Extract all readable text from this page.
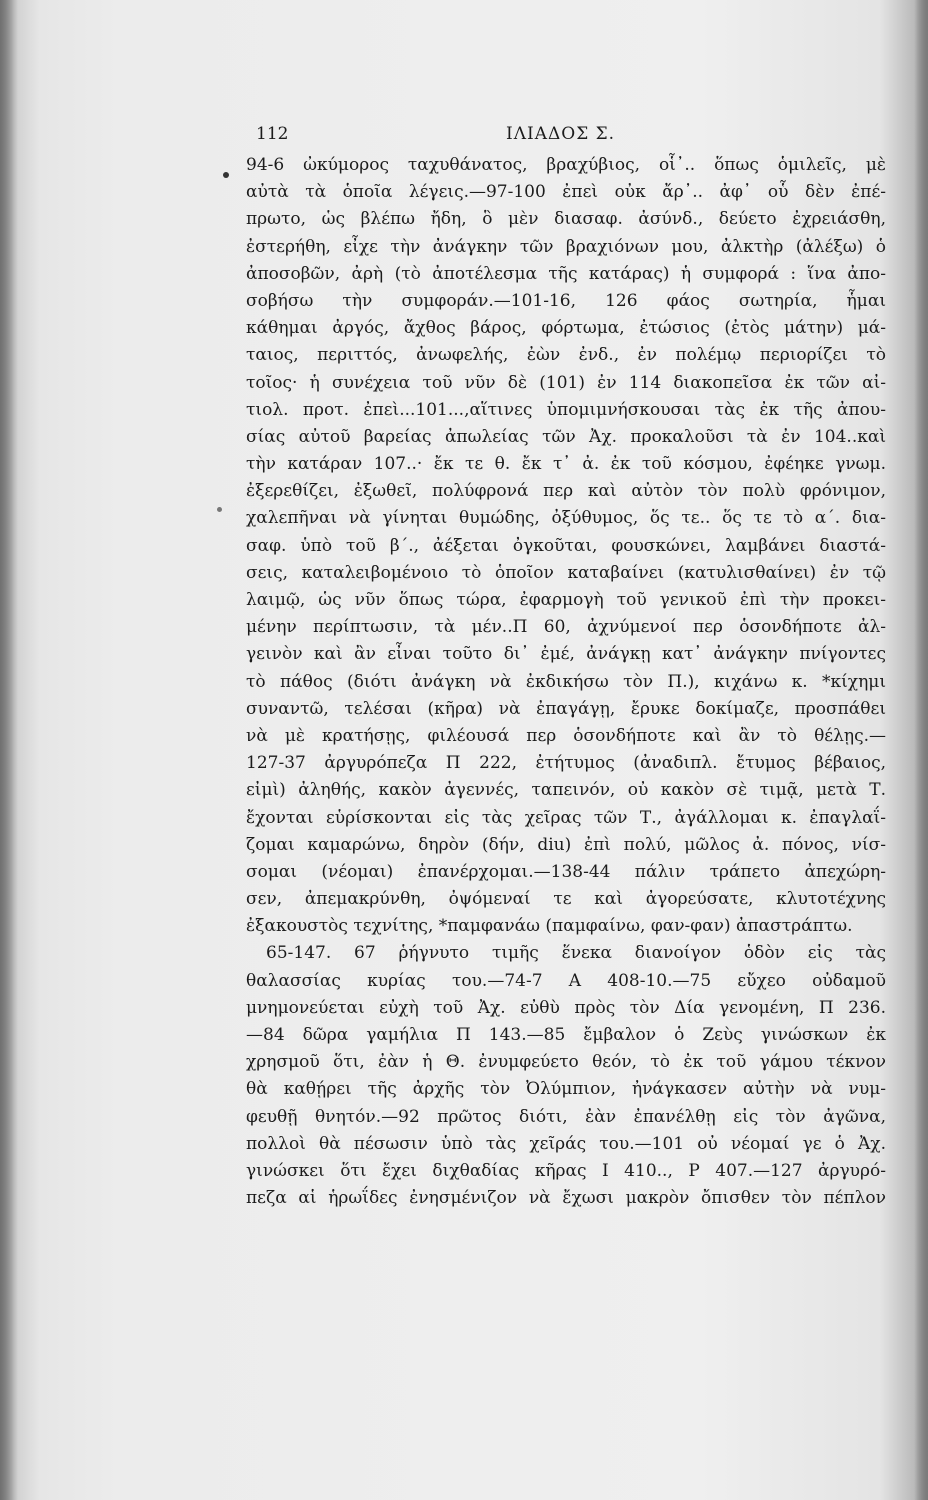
112	ΙΛΙΑΔΟΣ Σ.
94-6 ὠκύμορος ταχυθάνατος, βραχύβιος, οἷ᾽.. ὅπως ὁμιλεῖς, μὲ
αὐτὰ τὰ ὁποῖα λέγεις.—97-100 ἐπεὶ οὐκ ἄρ᾽.. ἀφ᾽ οὗ δὲν ἐπέ-
πρωτο, ὡς βλέπω ἤδη, ὃ μὲν διασαφ. ἀσύνδ., δεύετο ἐχρειάσθη,
ἐστερήθη, εἶχε τὴν ἀνάγκην τῶν βραχιόνων μου, ἀλκτὴρ (ἀλέξω) ὁ
ἀποσοβῶν, ἀρὴ (τὸ ἀποτέλεσμα τῆς κατάρας) ἡ συμφορά : ἵνα ἀπο-
σοβήσω τὴν συμφοράν.—101-16, 126 φάος σωτηρία, ἧμαι
κάθημαι ἀργός, ἄχθος βάρος, φόρτωμα, ἐτώσιος (ἐτὸς μάτην) μά-
ταιος, περιττός, ἀνωφελής, ἐὼν ἐνδ., ἐν πολέμῳ περιορίζει τὸ
τοῖος· ἡ συνέχεια τοῦ νῦν δὲ (101) ἐν 114 διακοπεῖσα ἐκ τῶν αἰ-
τιολ. προτ. ἐπεὶ...101...,αἵτινες ὑπομιμνήσκουσαι τὰς ἐκ τῆς ἀπου-
σίας αὐτοῦ βαρείας ἀπωλείας τῶν Ἀχ. προκαλοῦσι τὰ ἐν 104..καὶ
τὴν κατάραν 107..· ἔκ τε θ. ἔκ τ᾽ ἀ. ἐκ τοῦ κόσμου, ἐφέηκε γνωμ.
ἐξερεθίζει, ἐξωθεῖ, πολύφρονά περ καὶ αὐτὸν τὸν πολὺ φρόνιμον,
χαλεπῆναι νὰ γίνηται θυμώδης, ὀξύθυμος, ὅς τε.. ὅς τε τὸ α΄. δια-
σαφ. ὑπὸ τοῦ β΄., ἀέξεται ὀγκοῦται, φουσκώνει, λαμβάνει διαστά-
σεις, καταλειβομένοιο τὸ ὁποῖον καταβαίνει (κατυλισθαίνει) ἐν τῷ
λαιμῷ, ὡς νῦν ὅπως τώρα, ἐφαρμογὴ τοῦ γενικοῦ ἐπὶ τὴν προκει-
μένην περίπτωσιν, τὰ μέν..Π 60, ἀχνύμενοί περ ὁσονδήποτε ἀλ-
γεινὸν καὶ ἂν εἶναι τοῦτο δι᾽ ἐμέ, ἀνάγκῃ κατ᾽ ἀνάγκην πνίγοντες
τὸ πάθος (διότι ἀνάγκη νὰ ἐκδικήσω τὸν Π.), κιχάνω κ. *κίχημι
συναντῶ, τελέσαι (κῆρα) νὰ ἐπαγάγῃ, ἔρυκε δοκίμαζε, προσπάθει
νὰ μὲ κρατήσῃς, φιλέουσά περ ὁσονδήποτε καὶ ἂν τὸ θέλῃς.—
127-37 ἀργυρόπεζα Π 222, ἐτήτυμος (ἀναδιπλ. ἔτυμος βέβαιος,
εἰμὶ) ἀληθής, κακὸν ἀγεννές, ταπεινόν, οὐ κακὸν σὲ τιμᾷ, μετὰ Τ.
ἔχονται εὑρίσκονται εἰς τὰς χεῖρας τῶν Τ., ἀγάλλομαι κ. ἐπαγλαΐ-
ζομαι καμαρώνω, δηρὸν (δήν, diu) ἐπὶ πολύ, μῶλος ἀ. πόνος, νίσ-
σομαι (νέομαι) ἐπανέρχομαι.—138-44 πάλιν τράπετο ἀπεχώρη-
σεν, ἀπεμακρύνθη, ὀψόμεναί τε καὶ ἀγορεύσατε, κλυτοτέχνης
ἐξακουστὸς τεχνίτης, *παμφανάω (παμφαίνω, φαν-φαν) ἀπαστράπτω.
65-147. 67 ῥήγνυτο τιμῆς ἕνεκα διανοίγον ὁδὸν εἰς τὰς
θαλασσίας κυρίας του.—74-7 Α 408-10.—75 εὔχεο οὐδαμοῦ
μνημονεύεται εὐχὴ τοῦ Ἀχ. εὐθὺ πρὸς τὸν Δία γενομένη, Π 236.
—84 δῶρα γαμήλια Π 143.—85 ἔμβαλον ὁ Ζεὺς γινώσκων ἐκ
χρησμοῦ ὅτι, ἐὰν ἡ Θ. ἐνυμφεύετο θεόν, τὸ ἐκ τοῦ γάμου τέκνον
θὰ καθῄρει τῆς ἀρχῆς τὸν Ὀλύμπιον, ἠνάγκασεν αὐτὴν νὰ νυμ-
φευθῇ θνητόν.—92 πρῶτος διότι, ἐὰν ἐπανέλθῃ εἰς τὸν ἀγῶνα,
πολλοὶ θὰ πέσωσιν ὑπὸ τὰς χεῖράς του.—101 οὐ νέομαί γε ὁ Ἀχ.
γινώσκει ὅτι ἔχει διχθαδίας κῆρας Ι 410.., Ρ 407.—127 ἀργυρό-
πεζα αἱ ἡρωΐδες ἐνησμένιζον νὰ ἔχωσι μακρὸν ὄπισθεν τὸν πέπλον
